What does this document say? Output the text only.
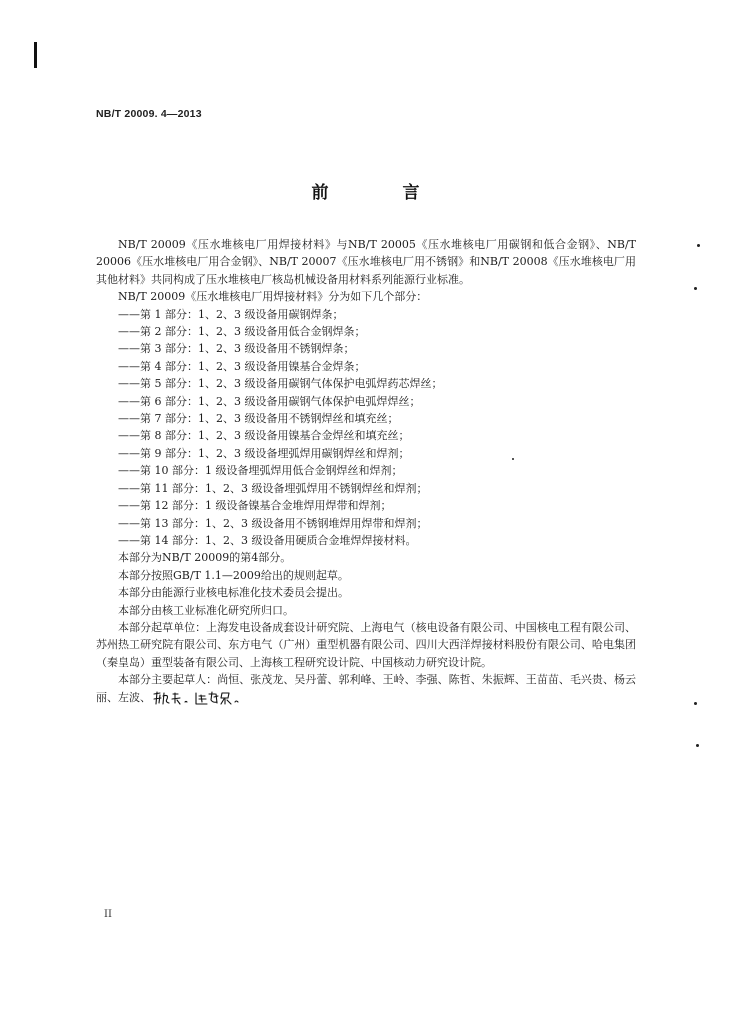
NB/T 20009. 4—2013
前 言

NB/T 20009《压水堆核电厂用焊接材料》与NB/T 20005《压水堆核电厂用碳钢和低合金钢》、NB/T 20006《压水堆核电厂用合金钢》、NB/T 20007《压水堆核电厂用不锈钢》和NB/T 20008《压水堆核电厂用其他材料》共同构成了压水堆核电厂核岛机械设备用材料系列能源行业标准。

NB/T 20009《压水堆核电厂用焊接材料》分为如下几个部分：

——第 1 部分：1、2、3 级设备用碳钢焊条；
——第 2 部分：1、2、3 级设备用低合金钢焊条；
——第 3 部分：1、2、3 级设备用不锈钢焊条；
——第 4 部分：1、2、3 级设备用镍基合金焊条；
——第 5 部分：1、2、3 级设备用碳钢气体保护电弧焊药芯焊丝；
——第 6 部分：1、2、3 级设备用碳钢气体保护电弧焊焊丝；
——第 7 部分：1、2、3 级设备用不锈钢焊丝和填充丝；
——第 8 部分：1、2、3 级设备用镍基合金焊丝和填充丝；
——第 9 部分：1、2、3 级设备埋弧焊用碳钢焊丝和焊剂；
——第 10 部分：1 级设备埋弧焊用低合金钢焊丝和焊剂；
——第 11 部分：1、2、3 级设备埋弧焊用不锈钢焊丝和焊剂；
——第 12 部分：1 级设备镍基合金堆焊用焊带和焊剂；
——第 13 部分：1、2、3 级设备用不锈钢堆焊用焊带和焊剂；
——第 14 部分：1、2、3 级设备用硬质合金堆焊焊接材料。

本部分为NB/T 20009的第4部分。

本部分按照GB/T 1.1—2009给出的规则起草。

本部分由能源行业核电标准化技术委员会提出。

本部分由核工业标准化研究所归口。

本部分起草单位：上海发电设备成套设计研究院、上海电气（核电设备有限公司、中国核电工程有限公司、苏州热工研究院有限公司、东方电气（广州）重型机器有限公司、四川大西洋焊接材料股份有限公司、哈电集团（秦皇岛）重型装备有限公司、上海核工程研究设计院、中国核动力研究设计院。

本部分主要起草人：尚恒、张茂龙、吴丹蕾、郭利峰、王岭、李强、陈哲、朱振辉、王苗苗、毛兴贵、杨云丽、左波、

II
